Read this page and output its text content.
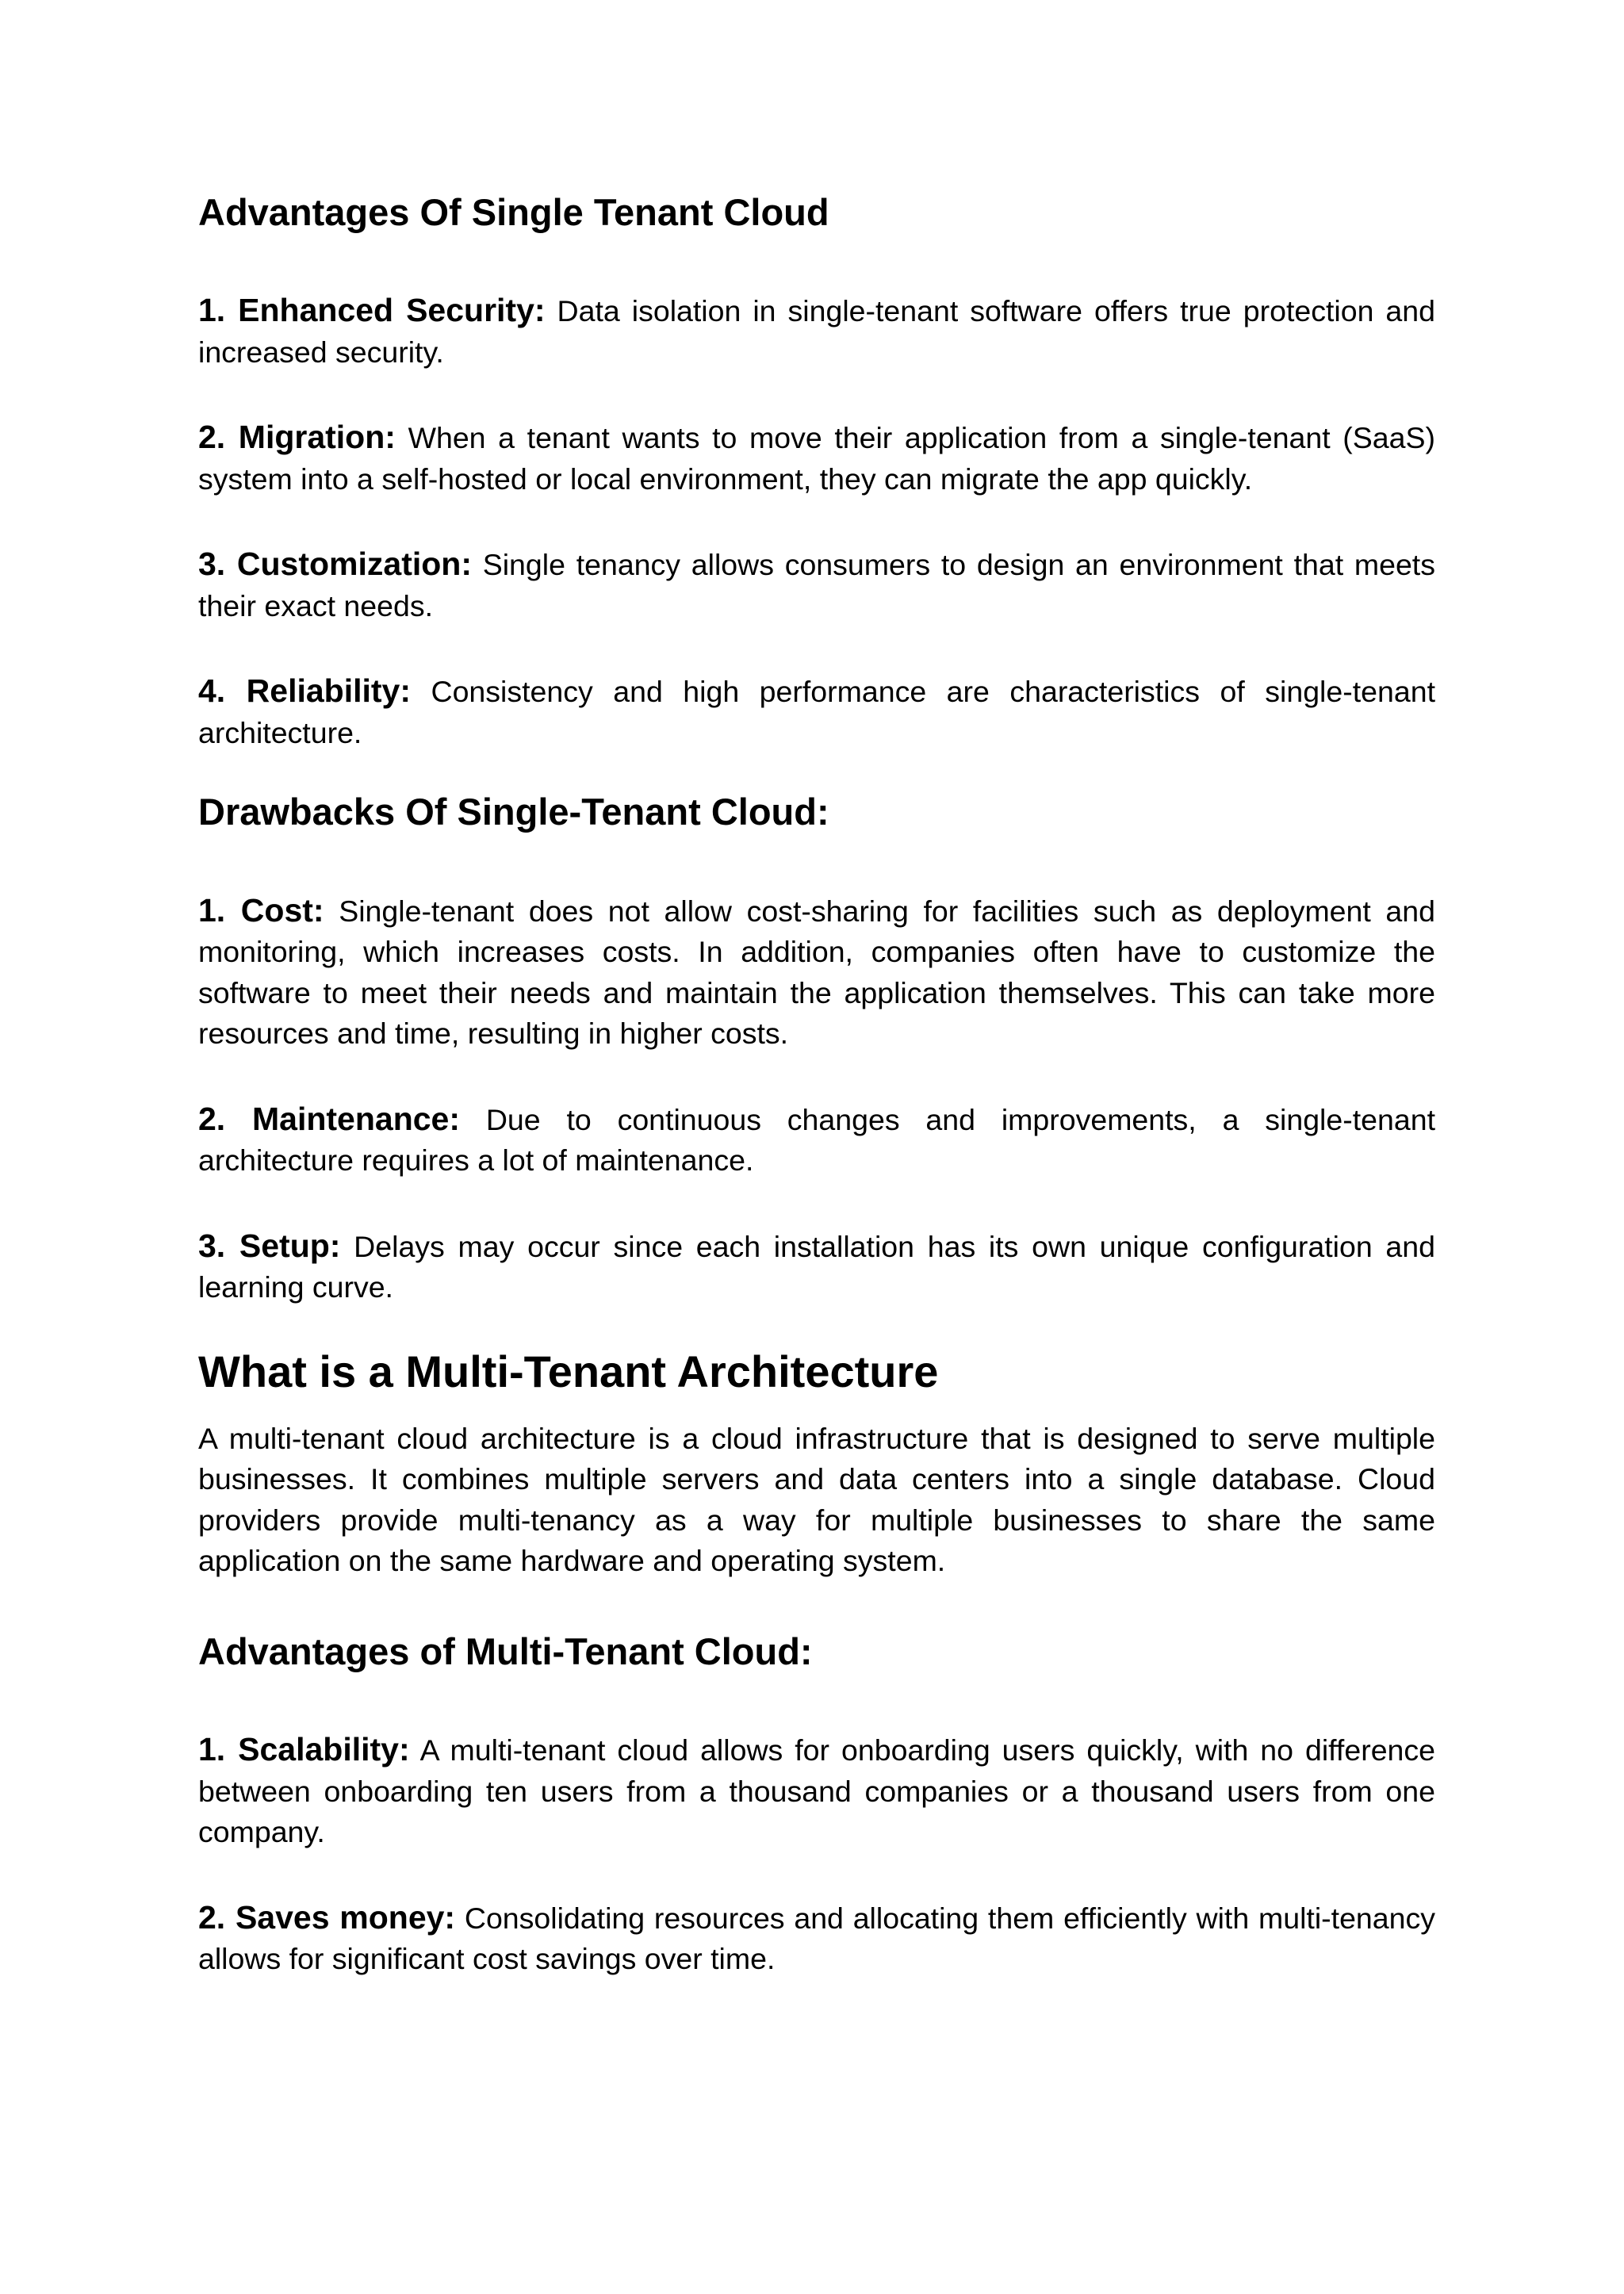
Advantages Of Single Tenant Cloud

1. Enhanced Security: Data isolation in single-tenant software offers true protection and increased security.

2. Migration: When a tenant wants to move their application from a single-tenant (SaaS) system into a self-hosted or local environment, they can migrate the app quickly.

3. Customization: Single tenancy allows consumers to design an environment that meets their exact needs.

4. Reliability: Consistency and high performance are characteristics of single-tenant architecture.

Drawbacks Of Single-Tenant Cloud:

1. Cost: Single-tenant does not allow cost-sharing for facilities such as deployment and monitoring, which increases costs. In addition, companies often have to customize the software to meet their needs and maintain the application themselves. This can take more resources and time, resulting in higher costs.

2. Maintenance: Due to continuous changes and improvements, a single-tenant architecture requires a lot of maintenance.

3. Setup: Delays may occur since each installation has its own unique configuration and learning curve.

What is a Multi-Tenant Architecture

A multi-tenant cloud architecture is a cloud infrastructure that is designed to serve multiple businesses. It combines multiple servers and data centers into a single database. Cloud providers provide multi-tenancy as a way for multiple businesses to share the same application on the same hardware and operating system.

Advantages of Multi-Tenant Cloud:

1. Scalability: A multi-tenant cloud allows for onboarding users quickly, with no difference between onboarding ten users from a thousand companies or a thousand users from one company.

2. Saves money: Consolidating resources and allocating them efficiently with multi-tenancy allows for significant cost savings over time.
